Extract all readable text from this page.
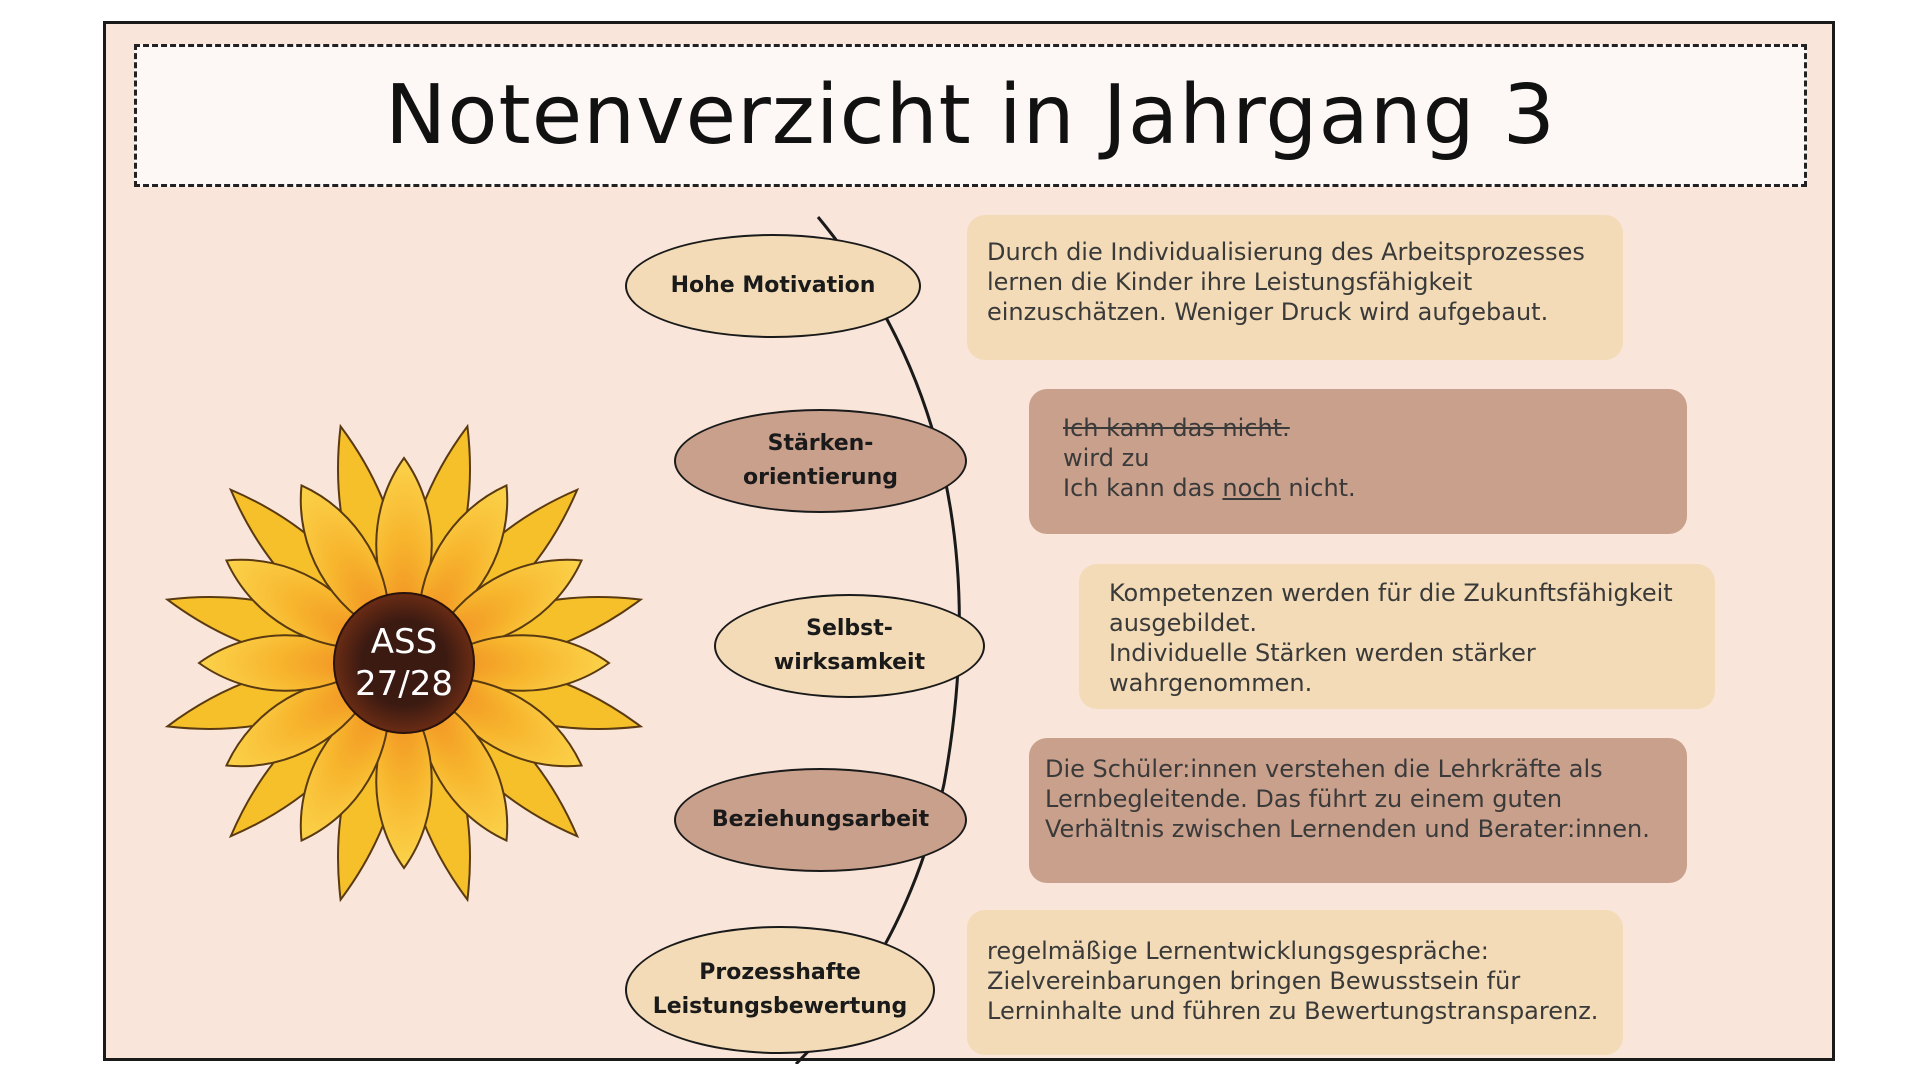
Notenverzicht in Jahrgang 3
ASS
27/28
Hohe Motivation
Stärken-
orientierung
Selbst-
wirksamkeit
Beziehungsarbeit
Prozesshafte
Leistungsbewertung

Durch die Individualisierung des Arbeitsprozesses

lernen die Kinder ihre Leistungsfähigkeit

einzuschätzen. Weniger Druck wird aufgebaut.

Ich kann das nicht.

wird zu

Ich kann das noch nicht.

Kompetenzen werden für die Zukunftsfähigkeit

ausgebildet.

Individuelle Stärken werden stärker

wahrgenommen.

Die Schüler:innen verstehen die Lehrkräfte als

Lernbegleitende. Das führt zu einem guten

Verhältnis zwischen Lernenden und Berater:innen.

regelmäßige Lernentwicklungsgespräche:

Zielvereinbarungen bringen Bewusstsein für

Lerninhalte und führen zu Bewertungstransparenz.
